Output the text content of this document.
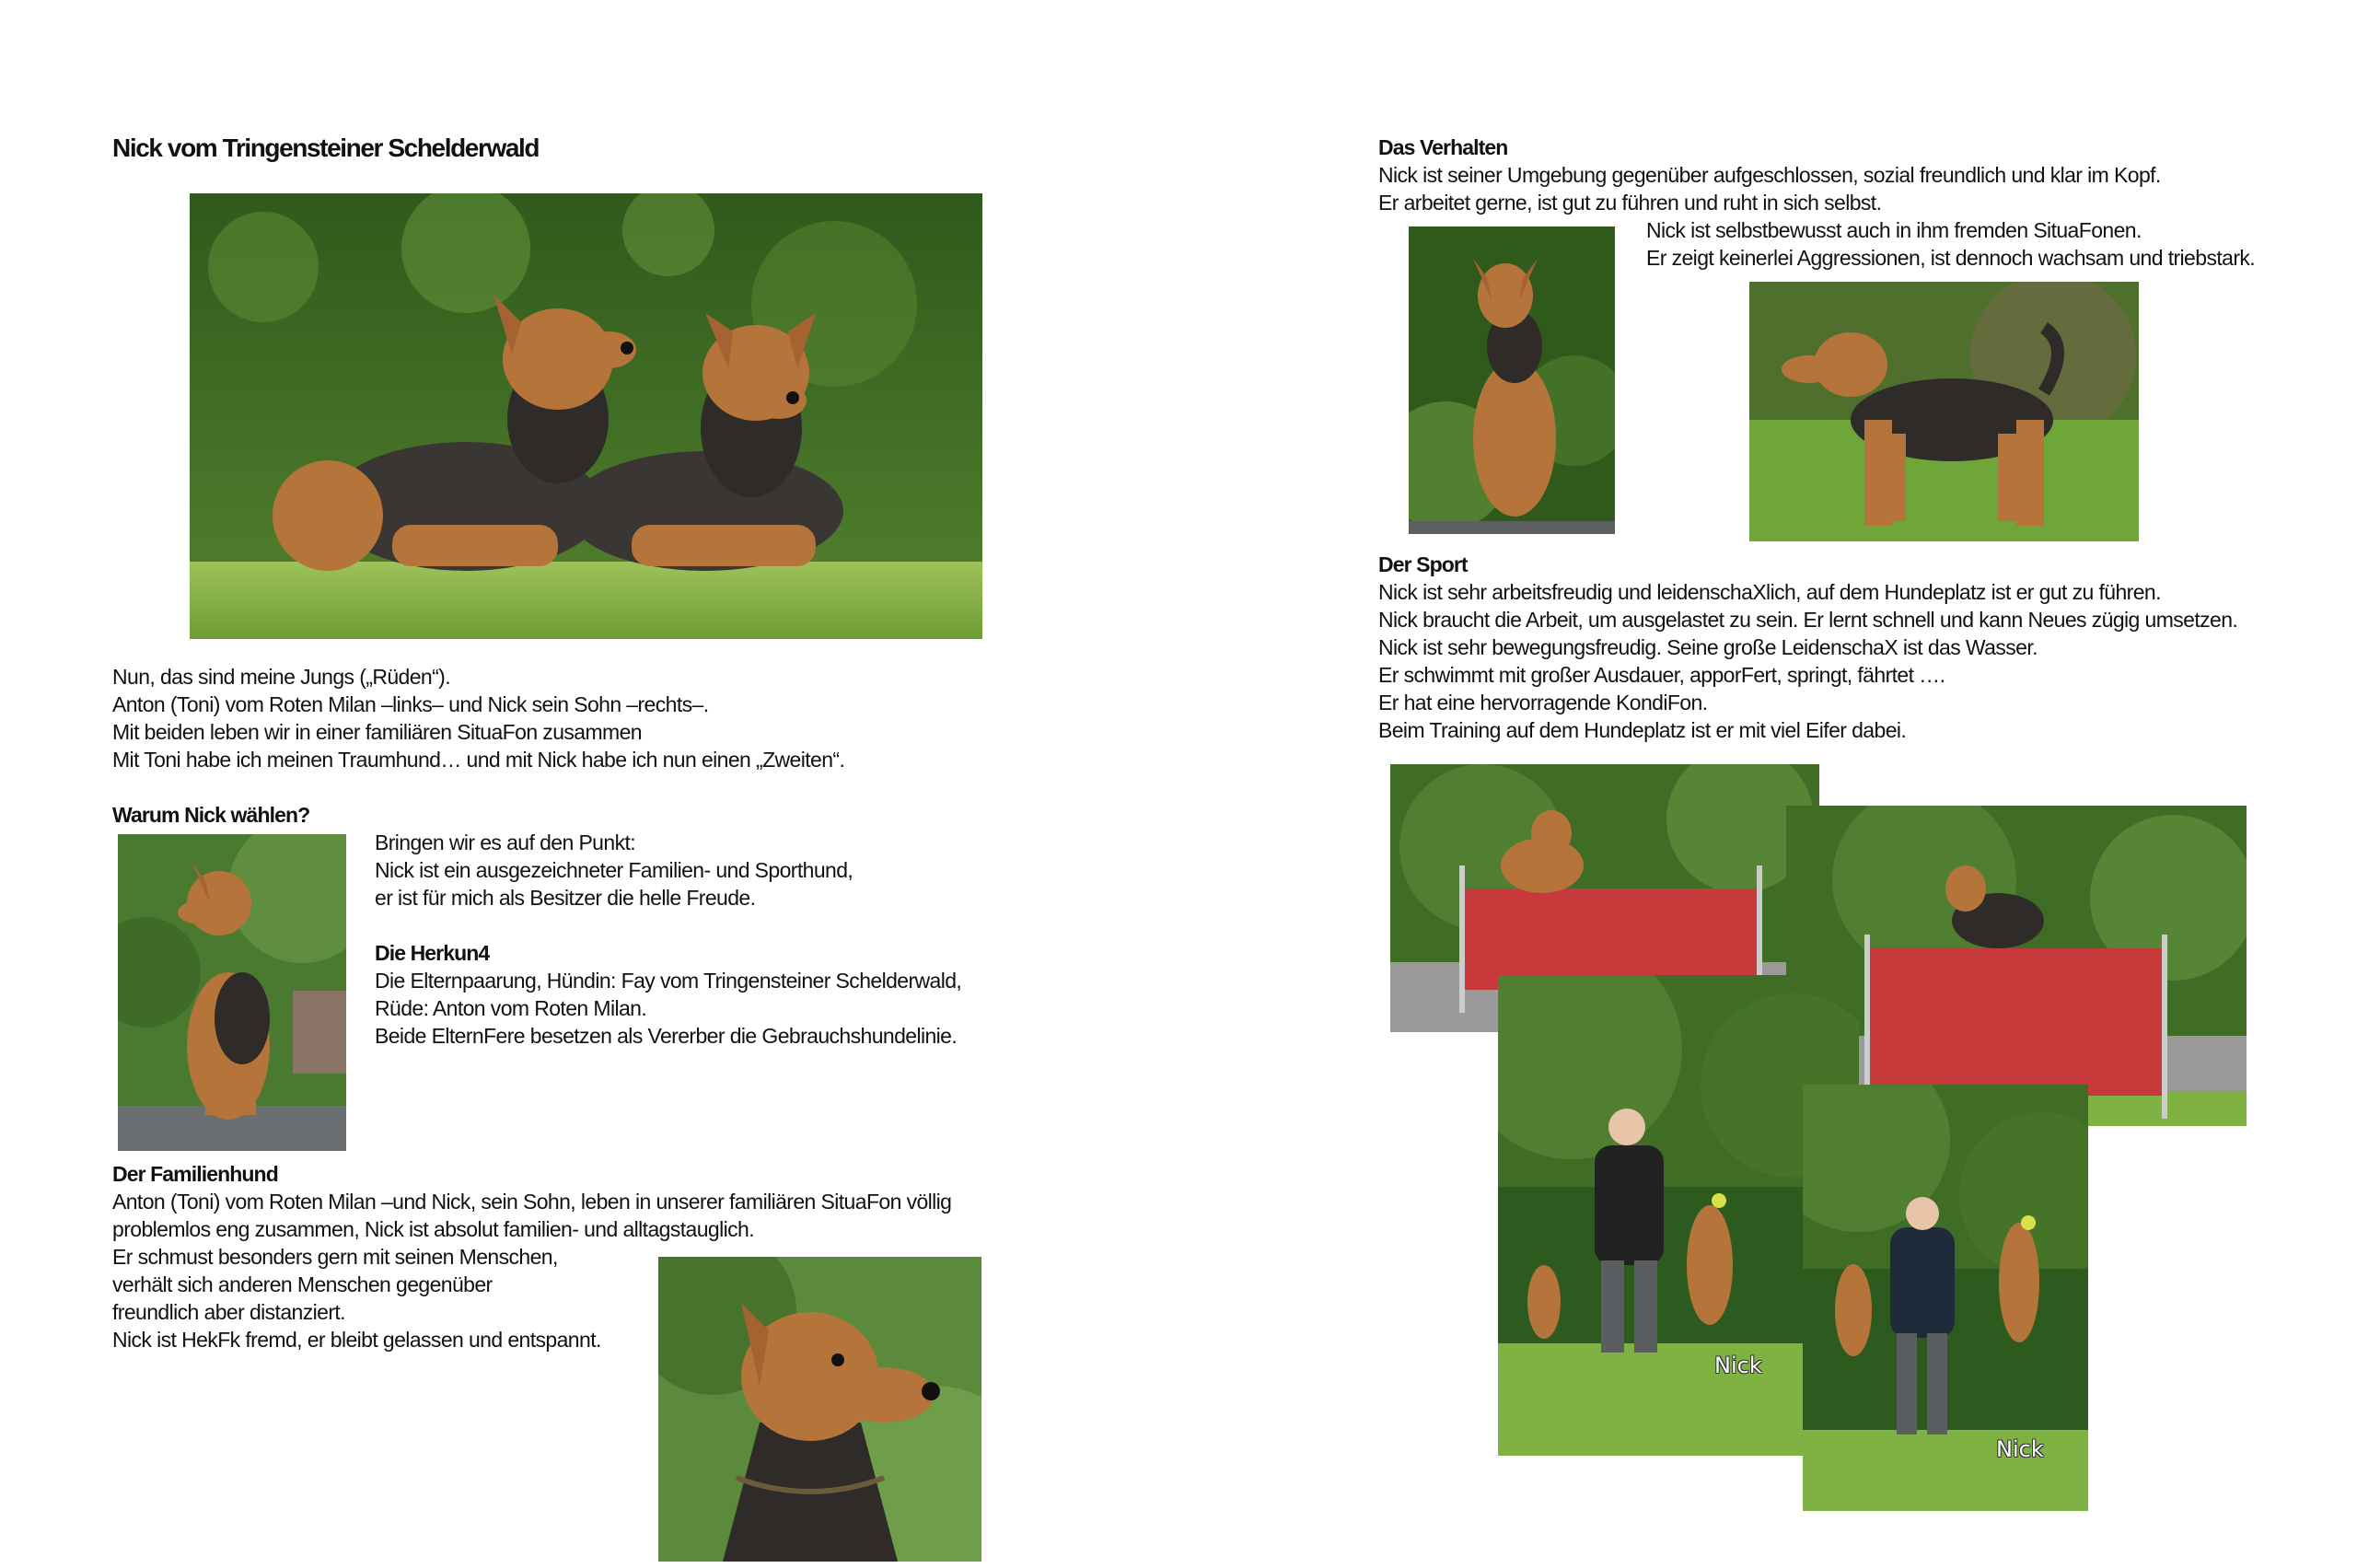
Nick vom Tringensteiner Schelderwald
Nun, das sind meine Jungs („Rüden“).
Anton (Toni) vom Roten Milan –links– und Nick sein Sohn –rechts–.
Mit beiden leben wir in einer familiären SituaFon zusammen
Mit Toni habe ich meinen Traumhund… und mit Nick habe ich nun einen „Zweiten“.
Warum Nick wählen?
Bringen wir es auf den Punkt:
Nick ist ein ausgezeichneter Familien- und Sporthund,
er ist für mich als Besitzer die helle Freude.
Die Herkun4
Die Elternpaarung, Hündin: Fay vom Tringensteiner Schelderwald,
Rüde: Anton vom Roten Milan.
Beide ElternFere besetzen als Vererber die Gebrauchshundelinie.
Der Familienhund
Anton (Toni) vom Roten Milan –und Nick, sein Sohn, leben in unserer familiären SituaFon völlig
problemlos eng zusammen, Nick ist absolut familien- und alltagstauglich.
Er schmust besonders gern mit seinen Menschen,
verhält sich anderen Menschen gegenüber
freundlich aber distanziert.
Nick ist HekFk fremd, er bleibt gelassen und entspannt.
Das Verhalten
Nick ist seiner Umgebung gegenüber aufgeschlossen, sozial freundlich und klar im Kopf.
Er arbeitet gerne, ist gut zu führen und ruht in sich selbst.
Nick ist selbstbewusst auch in ihm fremden SituaFonen.
Er zeigt keinerlei Aggressionen, ist dennoch wachsam und triebstark.
Der Sport
Nick ist sehr arbeitsfreudig und leidenschaXlich, auf dem Hundeplatz ist er gut zu führen.
Nick braucht die Arbeit, um ausgelastet zu sein. Er lernt schnell und kann Neues zügig umsetzen.
Nick ist sehr bewegungsfreudig. Seine große LeidenschaX ist das Wasser.
Er schwimmt mit großer Ausdauer, apporFert, springt, fährtet ….
Er hat eine hervorragende KondiFon.
Beim Training auf dem Hundeplatz ist er mit viel Eifer dabei.
Nick
Nick
